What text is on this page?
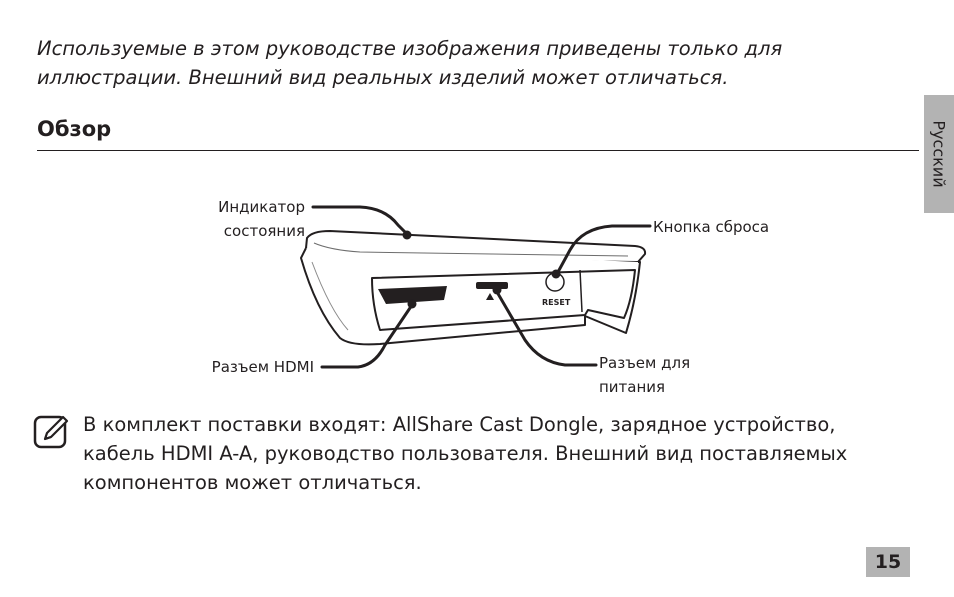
Используемые в этом руководстве изображения приведены только для
иллюстрации. Внешний вид реальных изделий может отличаться.

Обзор	Русский
RESET
Индикатор
состояния	Кнопка сброса
Разъем HDMI	Разъем для
питания

В комплект поставки входят: AllShare Cast Dongle, зарядное устройство,
кабель HDMI A-A, руководство пользователя. Внешний вид поставляемых
компонентов может отличаться.

15
